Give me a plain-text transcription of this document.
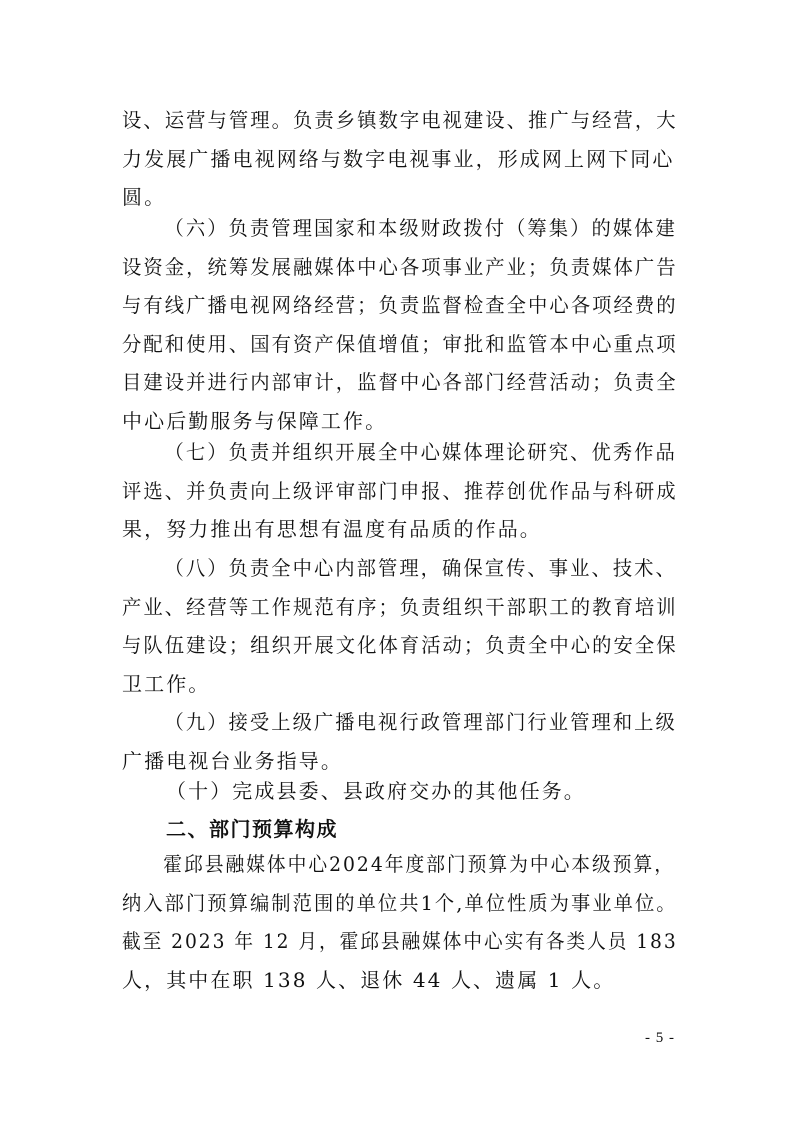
设、运营与管理。负责乡镇数字电视建设、推广与经营，大
力发展广播电视网络与数字电视事业，形成网上网下同心
圆。
（六）负责管理国家和本级财政拨付（筹集）的媒体建
设资金，统筹发展融媒体中心各项事业产业；负责媒体广告
与有线广播电视网络经营；负责监督检查全中心各项经费的
分配和使用、国有资产保值增值；审批和监管本中心重点项
目建设并进行内部审计，监督中心各部门经营活动；负责全
中心后勤服务与保障工作。
（七）负责并组织开展全中心媒体理论研究、优秀作品
评选、并负责向上级评审部门申报、推荐创优作品与科研成
果，努力推出有思想有温度有品质的作品。
（八）负责全中心内部管理，确保宣传、事业、技术、
产业、经营等工作规范有序；负责组织干部职工的教育培训
与队伍建设；组织开展文化体育活动；负责全中心的安全保
卫工作。
（九）接受上级广播电视行政管理部门行业管理和上级
广播电视台业务指导。
（十）完成县委、县政府交办的其他任务。
二、部门预算构成
霍邱县融媒体中心2024年度部门预算为中心本级预算，
纳入部门预算编制范围的单位共1个,单位性质为事业单位。
截至 2023 年 12 月，霍邱县融媒体中心实有各类人员 183
人，其中在职 138 人、退休 44 人、遗属 1 人。
- 5 -
